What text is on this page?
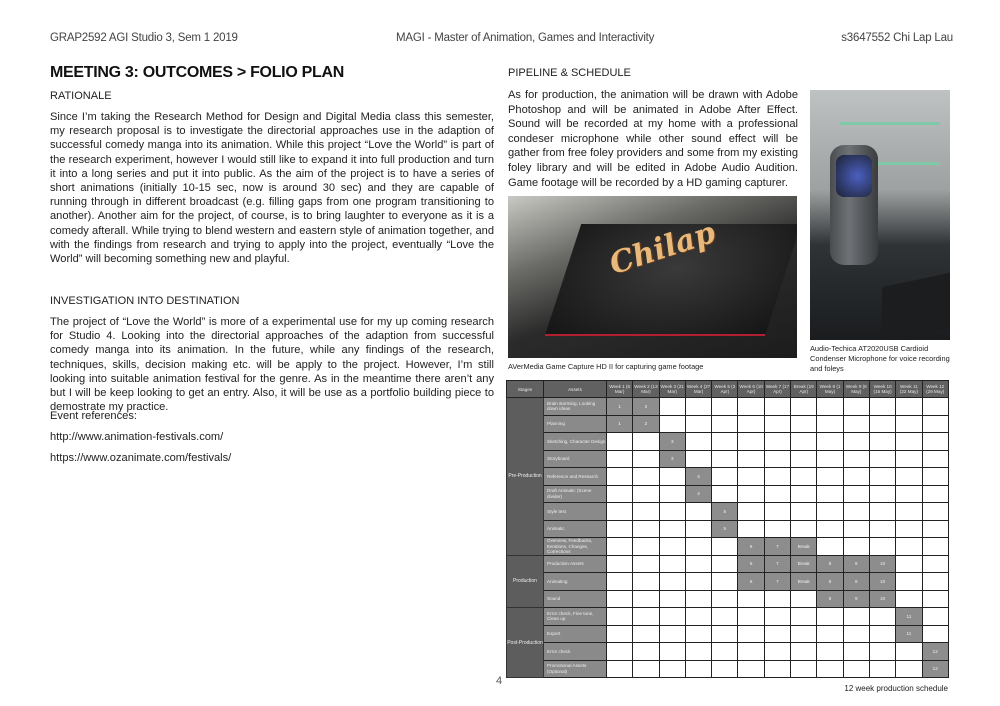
GRAP2592 AGI Studio 3, Sem 1 2019	MAGI - Master of Animation, Games and Interactivity	s3647552 Chi Lap Lau
MEETING 3: OUTCOMES > FOLIO PLAN
RATIONALE

Since I’m taking the Research Method for Design and Digital Media class this semester, my research proposal is to investigate the directorial approaches use in the adaption of successful comedy manga into its animation. While this project “Love the World” is part of the research experiment, however I would still like to expand it into full production and turn it into a long series and put it into public. As the aim of the project is to have a series of short animations (initially 10-15 sec, now is around 30 sec) and they are capable of running through in different broadcast (e.g. filling gaps from one program transitioning to another). Another aim for the project, of course, is to bring laughter to everyone as it is a comedy afterall. While trying to blend western and eastern style of animation together, and with the findings from research and trying to apply into the project, eventually “Love the World” will becoming something new and playful.

INVESTIGATION INTO DESTINATION

The project of “Love the World” is more of a experimental use for my up coming research for Studio 4. Looking into the directorial approaches of the adaption from successful comedy manga into its animation. In the future, while any findings of the research, techniques, skills, decision making etc. will be apply to the project. However, I’m still looking into suitable animation festival for the genre. As in the meantime there aren’t any but I will be keep looking to get an entry. Also, it will be use as a portfolio building piece to demostrate my practice.

Event references:
http://www.animation-festivals.com/
https://www.ozanimate.com/festivals/
PIPELINE & SCHEDULE

As for production, the animation will be drawn with Adobe Photoshop and will be animated in Adobe After Effect. Sound will be recorded at my home with a professional condeser microphone while other sound effect will be gather from free foley providers and some from my existing foley library and will be edited in Adobe Audio Audition. Game footage will be recorded by a HD gaming capturer.

Chilap
AVerMedia Game Capture HD II for capturing game footage
Audio-Techica AT2020USB Cardioid Condenser Microphone for voice recording and foleys
Stages	Assets	Week 1 (6 Mar)	Week 2 (13 Mar)	Week 3 (21 Mar)	Week 4 (27 Mar)	Week 5 (3 Apr)	Week 6 (10 Apr)	Week 7 (17 Apr)	Break (19 Apr)	Week 8 (1 May)	Week 9 (8 May)	Week 10 (15 May)	Week 11 (22 May)	Week 12 (29 May)
Pre-Production	Brain storming, Looking down ideas	1	2											
	Planning	1	2											
	Sketching, Character Design			3										
	Storyboard			3										
	Reference and Research				4									
	Draft Animatic (Scene divider)				4									
	Style test					5								
	Animatic					5								
	Overview, Feedbacks, Iterations, Changes, Corrections						6	7	Break					
Production	Production Assets						6	7	Break	8	9	10		
	Animating						6	7	Break	8	9	10		
	Sound									8	9	10		
Post-Production	Error check, Fine tune, Clean up												11	
	Export												11	
	Error check													12
	Promotional Assets (Optional)													12
4
12 week production schedule
